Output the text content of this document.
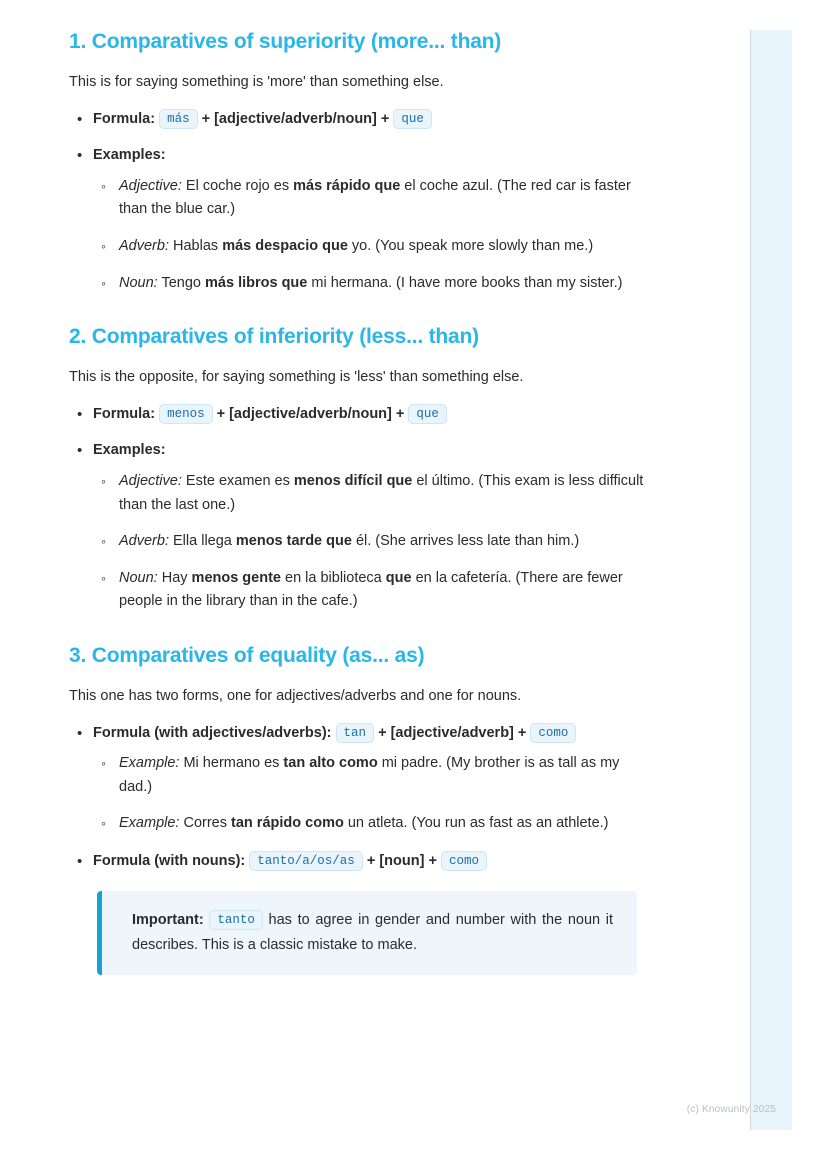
1. Comparatives of superiority (more... than)

This is for saying something is 'more' than something else.

• Formula: más + [adjective/adverb/noun] + que
• Examples:
◦ Adjective: El coche rojo es más rápido que el coche azul. (The red car is faster than the blue car.)
◦ Adverb: Hablas más despacio que yo. (You speak more slowly than me.)
◦ Noun: Tengo más libros que mi hermana. (I have more books than my sister.)
2. Comparatives of inferiority (less... than)

This is the opposite, for saying something is 'less' than something else.

• Formula: menos + [adjective/adverb/noun] + que
• Examples:
◦ Adjective: Este examen es menos difícil que el último. (This exam is less difficult than the last one.)
◦ Adverb: Ella llega menos tarde que él. (She arrives less late than him.)
◦ Noun: Hay menos gente en la biblioteca que en la cafetería. (There are fewer people in the library than in the cafe.)
3. Comparatives of equality (as... as)

This one has two forms, one for adjectives/adverbs and one for nouns.

• Formula (with adjectives/adverbs): tan + [adjective/adverb] + como
◦ Example: Mi hermano es tan alto como mi padre. (My brother is as tall as my dad.)
◦ Example: Corres tan rápido como un atleta. (You run as fast as an athlete.)
• Formula (with nouns): tanto/a/os/as + [noun] + como
Important: tanto has to agree in gender and number with the noun it describes. This is a classic mistake to make.
(c) Knowunity 2025
